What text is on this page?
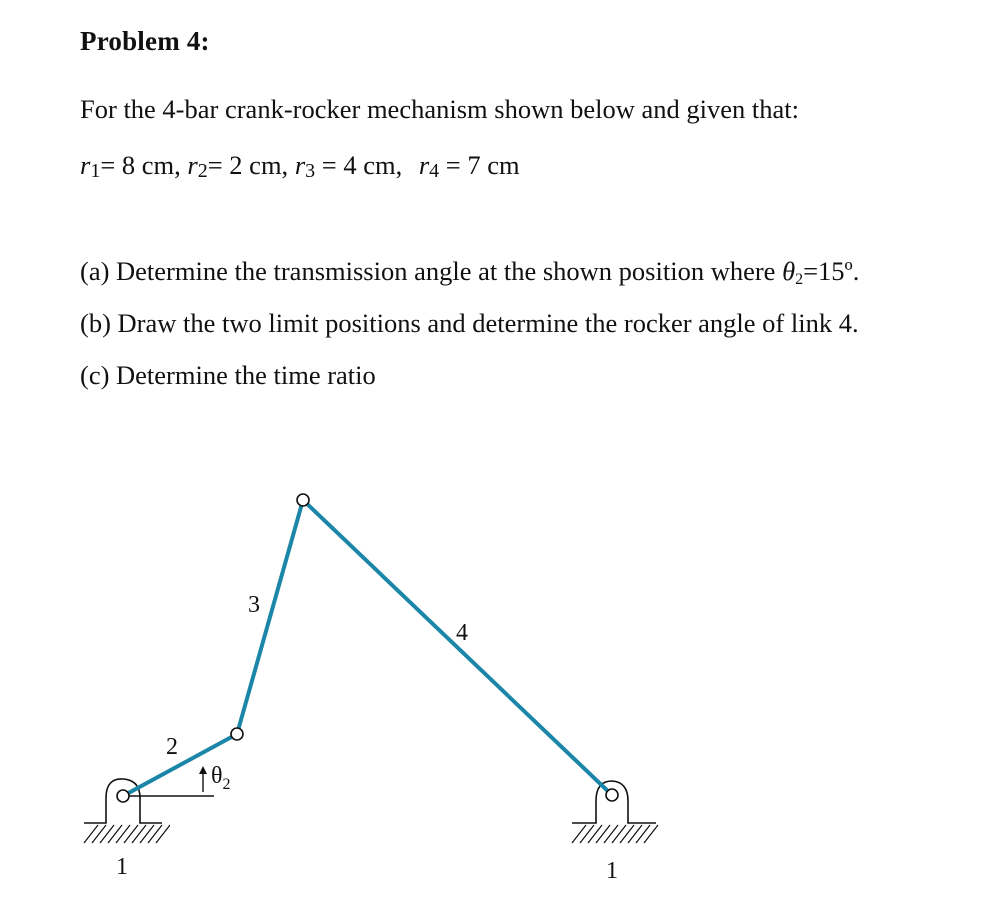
Problem 4:
For the 4-bar crank-rocker mechanism shown below and given that:
r1= 8 cm, r2= 2 cm, r3 = 4 cm, r4 = 7 cm
(a) Determine the transmission angle at the shown position where θ2=15º.
(b) Draw the two limit positions and determine the rocker angle of link 4.
(c) Determine the time ratio
2
3
4
$\theta_2$
1	1
